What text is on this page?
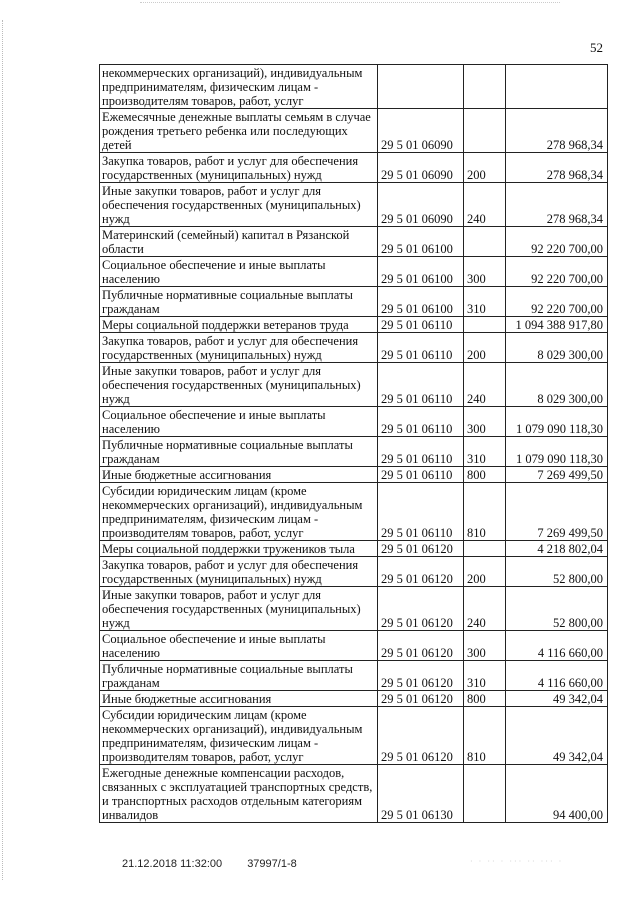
52
некоммерческих организаций), индивидуальным предпринимателям, физическим лицам - производителям товаров, работ, услуг			
Ежемесячные денежные выплаты семьям в случае рождения третьего ребенка или последующих детей	29 5 01 06090		278 968,34
Закупка товаров, работ и услуг для обеспечения государственных (муниципальных) нужд	29 5 01 06090	200	278 968,34
Иные закупки товаров, работ и услуг для обеспечения государственных (муниципальных) нужд	29 5 01 06090	240	278 968,34
Материнский (семейный) капитал в Рязанской области	29 5 01 06100		92 220 700,00
Социальное обеспечение и иные выплаты населению	29 5 01 06100	300	92 220 700,00
Публичные нормативные социальные выплаты гражданам	29 5 01 06100	310	92 220 700,00
Меры социальной поддержки ветеранов труда	29 5 01 06110		1 094 388 917,80
Закупка товаров, работ и услуг для обеспечения государственных (муниципальных) нужд	29 5 01 06110	200	8 029 300,00
Иные закупки товаров, работ и услуг для обеспечения государственных (муниципальных) нужд	29 5 01 06110	240	8 029 300,00
Социальное обеспечение и иные выплаты населению	29 5 01 06110	300	1 079 090 118,30
Публичные нормативные социальные выплаты гражданам	29 5 01 06110	310	1 079 090 118,30
Иные бюджетные ассигнования	29 5 01 06110	800	7 269 499,50
Субсидии юридическим лицам (кроме некоммерческих организаций), индивидуальным предпринимателям, физическим лицам - производителям товаров, работ, услуг	29 5 01 06110	810	7 269 499,50
Меры социальной поддержки тружеников тыла	29 5 01 06120		4 218 802,04
Закупка товаров, работ и услуг для обеспечения государственных (муниципальных) нужд	29 5 01 06120	200	52 800,00
Иные закупки товаров, работ и услуг для обеспечения государственных (муниципальных) нужд	29 5 01 06120	240	52 800,00
Социальное обеспечение и иные выплаты населению	29 5 01 06120	300	4 116 660,00
Публичные нормативные социальные выплаты гражданам	29 5 01 06120	310	4 116 660,00
Иные бюджетные ассигнования	29 5 01 06120	800	49 342,04
Субсидии юридическим лицам (кроме некоммерческих организаций), индивидуальным предпринимателям, физическим лицам - производителям товаров, работ, услуг	29 5 01 06120	810	49 342,04
Ежегодные денежные компенсации расходов, связанных с эксплуатацией транспортных средств, и транспортных расходов отдельным категориям инвалидов	29 5 01 06130		94 400,00
21.12.2018 11:32:00 37997/1-8	· · ·· · ··· ·· ··· ·
